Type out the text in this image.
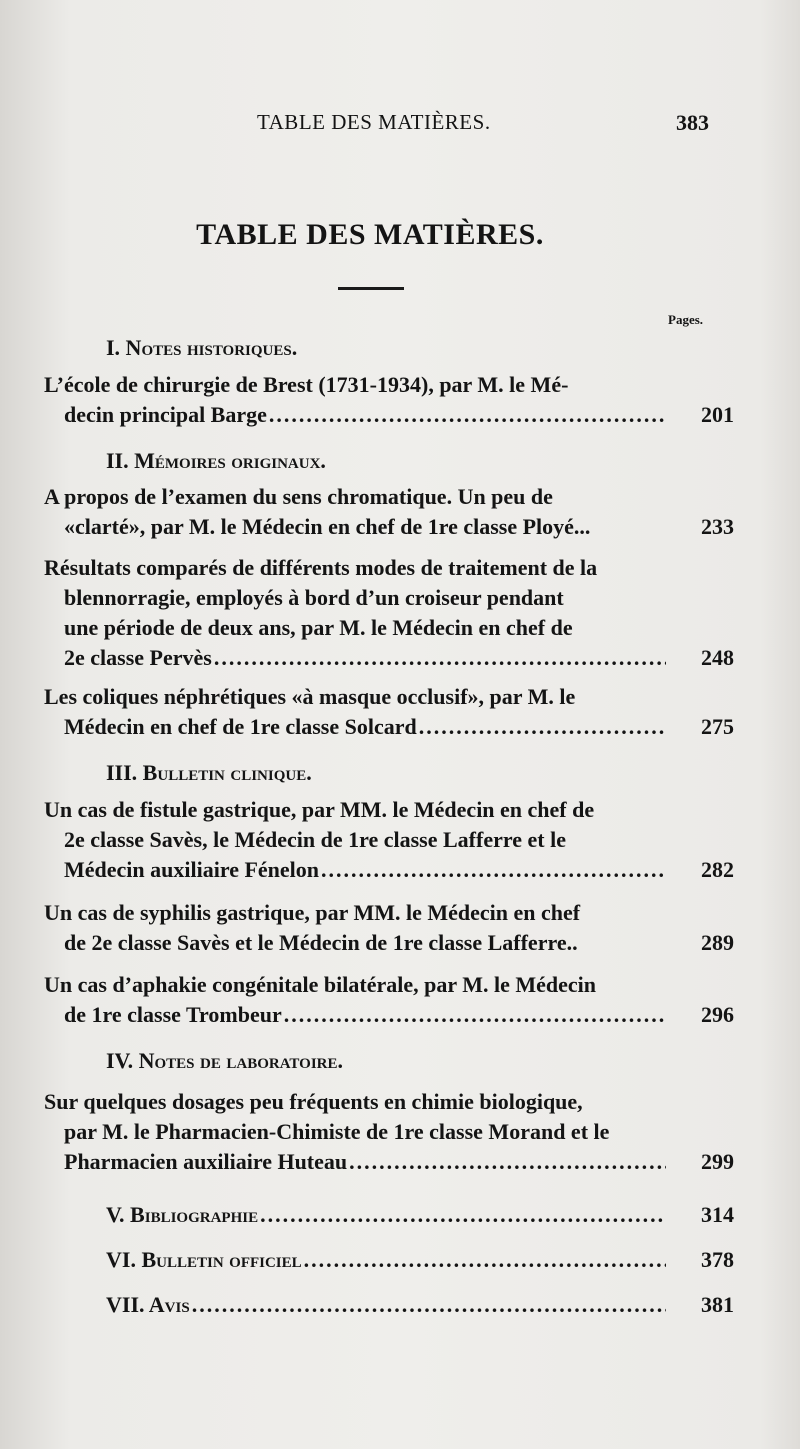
TABLE DES MATIÈRES.	383
TABLE DES MATIÈRES.
Pages.
I. Notes historiques.
L’école de chirurgie de Brest (1731-1934), par M. le Mé-
decin principal Barge .....	201
II. Mémoires originaux.
A propos de l’examen du sens chromatique. Un peu de
«clarté», par M. le Médecin en chef de 1re classe Ployé...	233
Résultats comparés de différents modes de traitement de la
blennorragie, employés à bord d’un croiseur pendant
une période de deux ans, par M. le Médecin en chef de
2e classe Pervès .....	248
Les coliques néphrétiques «à masque occlusif», par M. le
Médecin en chef de 1re classe Solcard .....	275
III. Bulletin clinique.
Un cas de fistule gastrique, par MM. le Médecin en chef de
2e classe Savès, le Médecin de 1re classe Lafferre et le
Médecin auxiliaire Fénelon .....	282
Un cas de syphilis gastrique, par MM. le Médecin en chef
de 2e classe Savès et le Médecin de 1re classe Lafferre..	289
Un cas d’aphakie congénitale bilatérale, par M. le Médecin
de 1re classe Trombeur .....	296
IV. Notes de laboratoire.
Sur quelques dosages peu fréquents en chimie biologique,
par M. le Pharmacien-Chimiste de 1re classe Morand et le
Pharmacien auxiliaire Huteau .....	299
V. Bibliographie .....	314
VI. Bulletin officiel .....	378
VII. Avis .....	381
